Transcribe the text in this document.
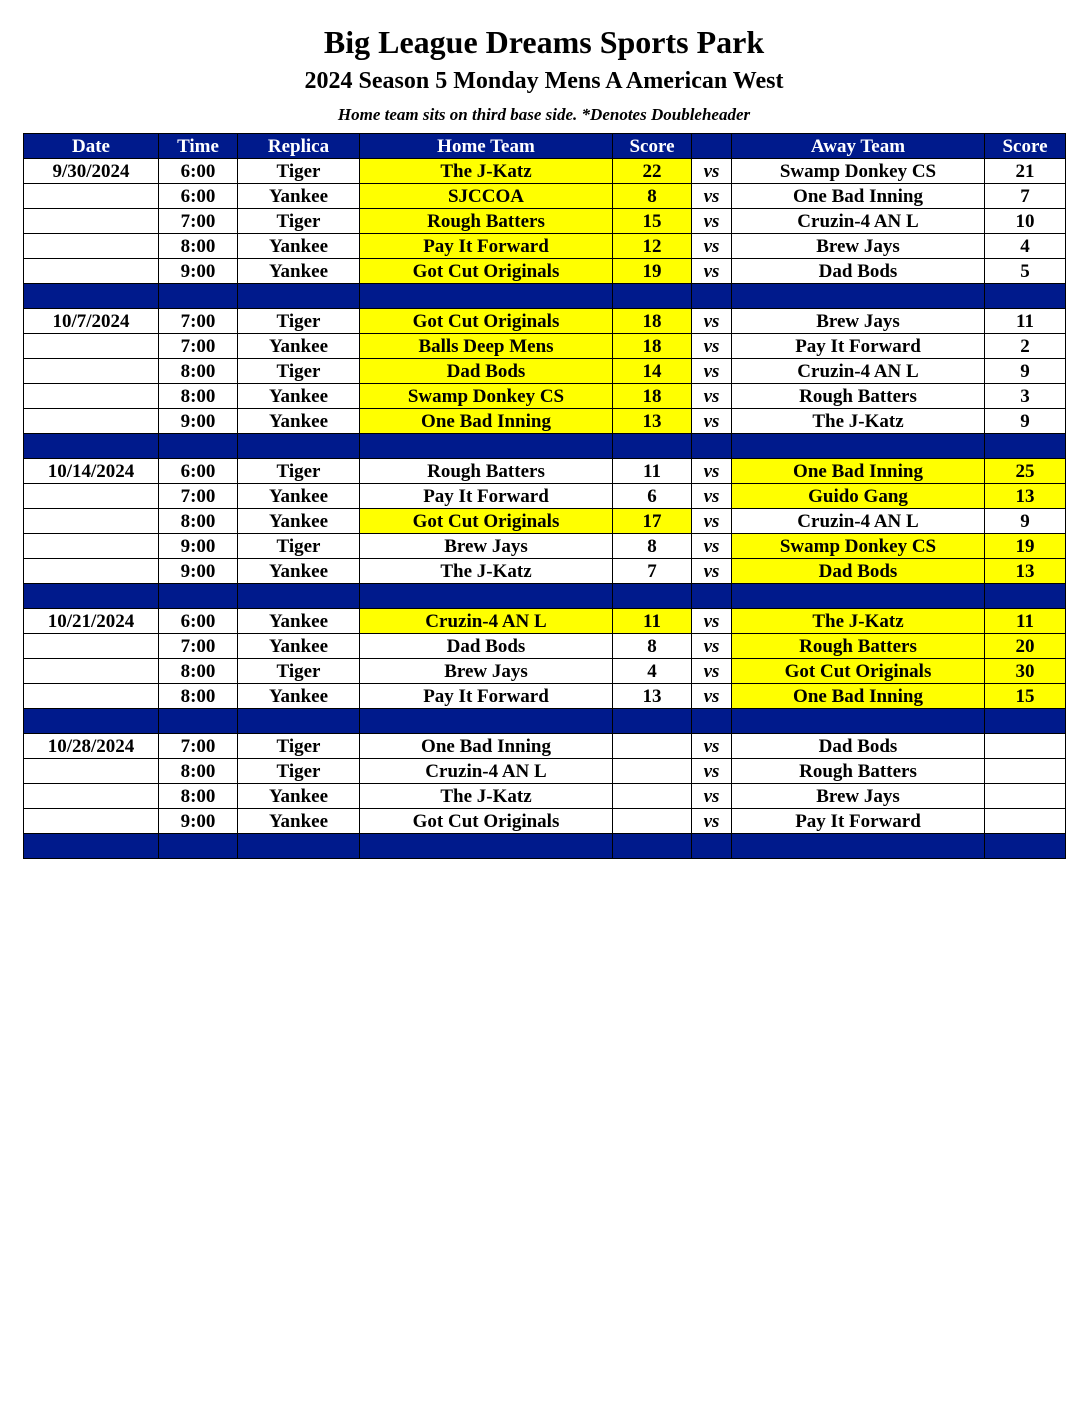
Big League Dreams Sports Park
2024 Season 5 Monday Mens A American West
Home team sits on third base side. *Denotes Doubleheader
Date	Time	Replica	Home Team	Score		Away Team	Score
9/30/2024	6:00	Tiger	The J-Katz	22	vs	Swamp Donkey CS	21
	6:00	Yankee	SJCCOA	8	vs	One Bad Inning	7
	7:00	Tiger	Rough Batters	15	vs	Cruzin-4 AN L	10
	8:00	Yankee	Pay It Forward	12	vs	Brew Jays	4
	9:00	Yankee	Got Cut Originals	19	vs	Dad Bods	5

10/7/2024	7:00	Tiger	Got Cut Originals	18	vs	Brew Jays	11
	7:00	Yankee	Balls Deep Mens	18	vs	Pay It Forward	2
	8:00	Tiger	Dad Bods	14	vs	Cruzin-4 AN L	9
	8:00	Yankee	Swamp Donkey CS	18	vs	Rough Batters	3
	9:00	Yankee	One Bad Inning	13	vs	The J-Katz	9

10/14/2024	6:00	Tiger	Rough Batters	11	vs	One Bad Inning	25
	7:00	Yankee	Pay It Forward	6	vs	Guido Gang	13
	8:00	Yankee	Got Cut Originals	17	vs	Cruzin-4 AN L	9
	9:00	Tiger	Brew Jays	8	vs	Swamp Donkey CS	19
	9:00	Yankee	The J-Katz	7	vs	Dad Bods	13

10/21/2024	6:00	Yankee	Cruzin-4 AN L	11	vs	The J-Katz	11
	7:00	Yankee	Dad Bods	8	vs	Rough Batters	20
	8:00	Tiger	Brew Jays	4	vs	Got Cut Originals	30
	8:00	Yankee	Pay It Forward	13	vs	One Bad Inning	15

10/28/2024	7:00	Tiger	One Bad Inning		vs	Dad Bods	
	8:00	Tiger	Cruzin-4 AN L		vs	Rough Batters	
	8:00	Yankee	The J-Katz		vs	Brew Jays	
	9:00	Yankee	Got Cut Originals		vs	Pay It Forward	
